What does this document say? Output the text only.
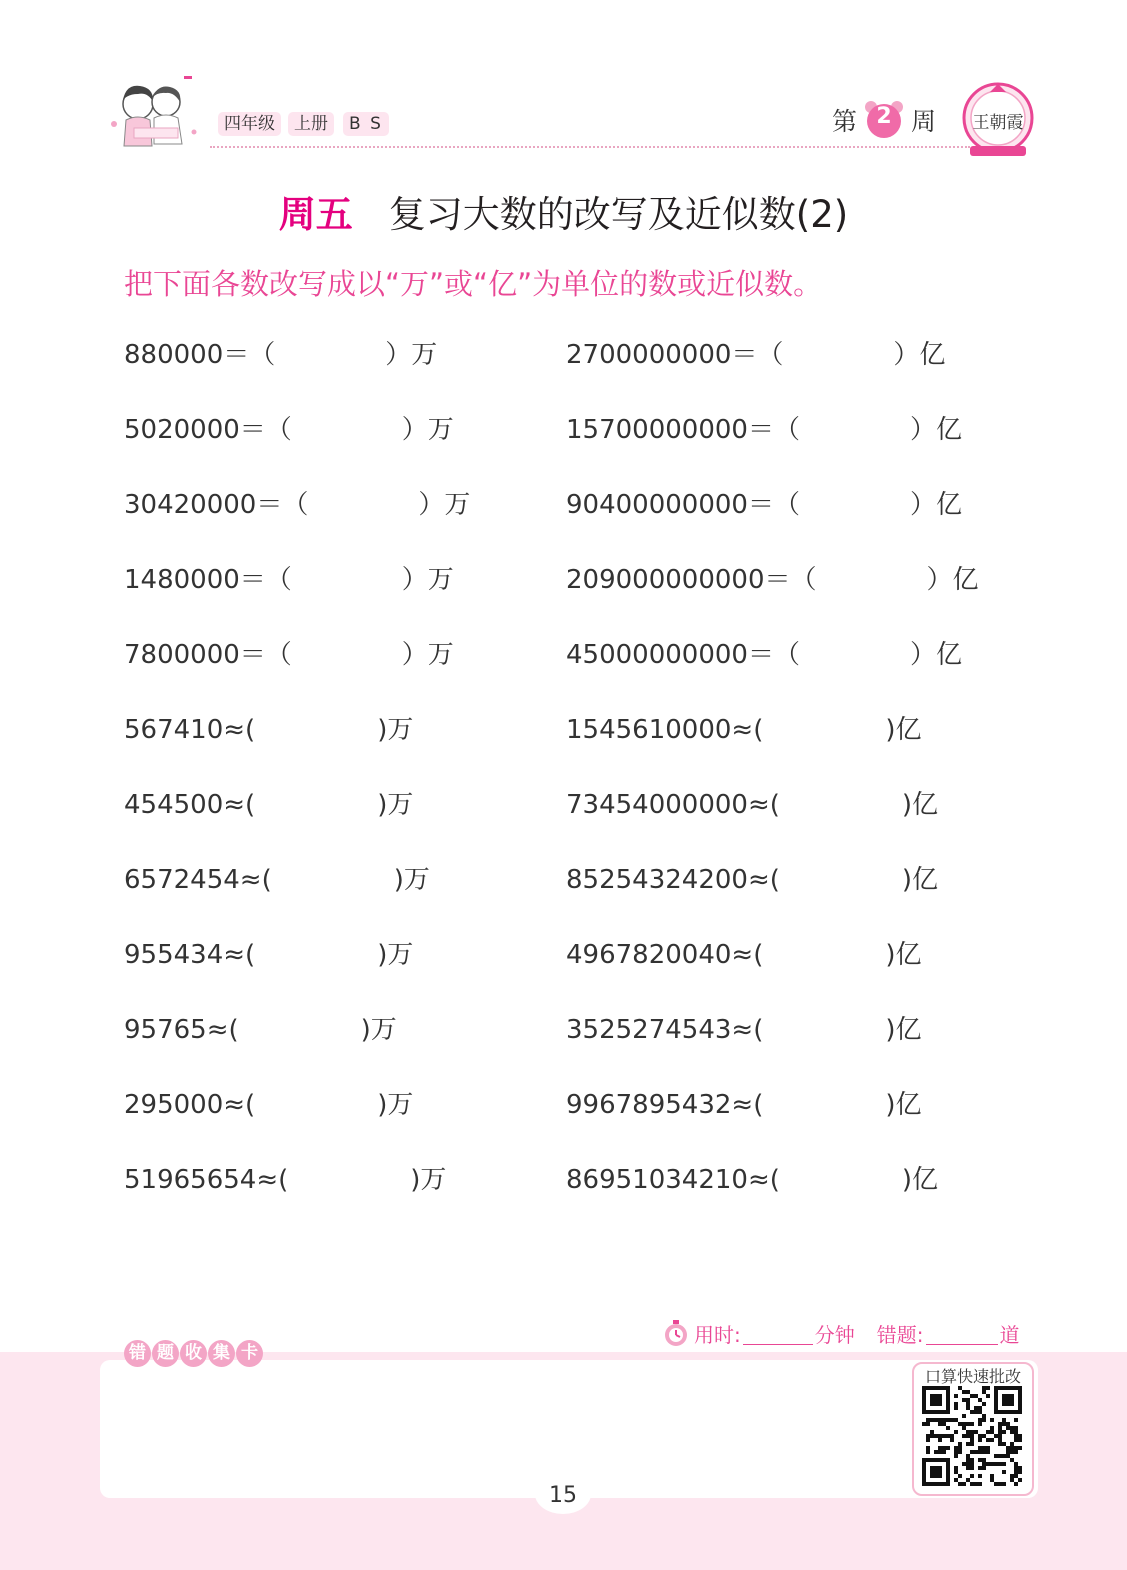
四年级	上册	B S	第 2 周	王朝霞
周五 复习大数的改写及近似数(2)
把下面各数改写成以“万”或“亿”为单位的数或近似数。
880000＝（	）万
5020000＝（	）万
30420000＝（	）万
1480000＝（	）万
7800000＝（	）万
567410≈(	)万
454500≈(	)万
6572454≈(	)万
955434≈(	)万
95765≈(	)万
295000≈(	)万
51965654≈(	)万
2700000000＝（	）亿
15700000000＝（	）亿
90400000000＝（	）亿
209000000000＝（	）亿
45000000000＝（	）亿
1545610000≈(	)亿
73454000000≈(	)亿
85254324200≈(	)亿
4967820040≈(	)亿
3525274543≈(	)亿
9967895432≈(	)亿
86951034210≈(	)亿
用时:	分钟 错题:	道
错 题 收 集 卡
口算快速批改
15
